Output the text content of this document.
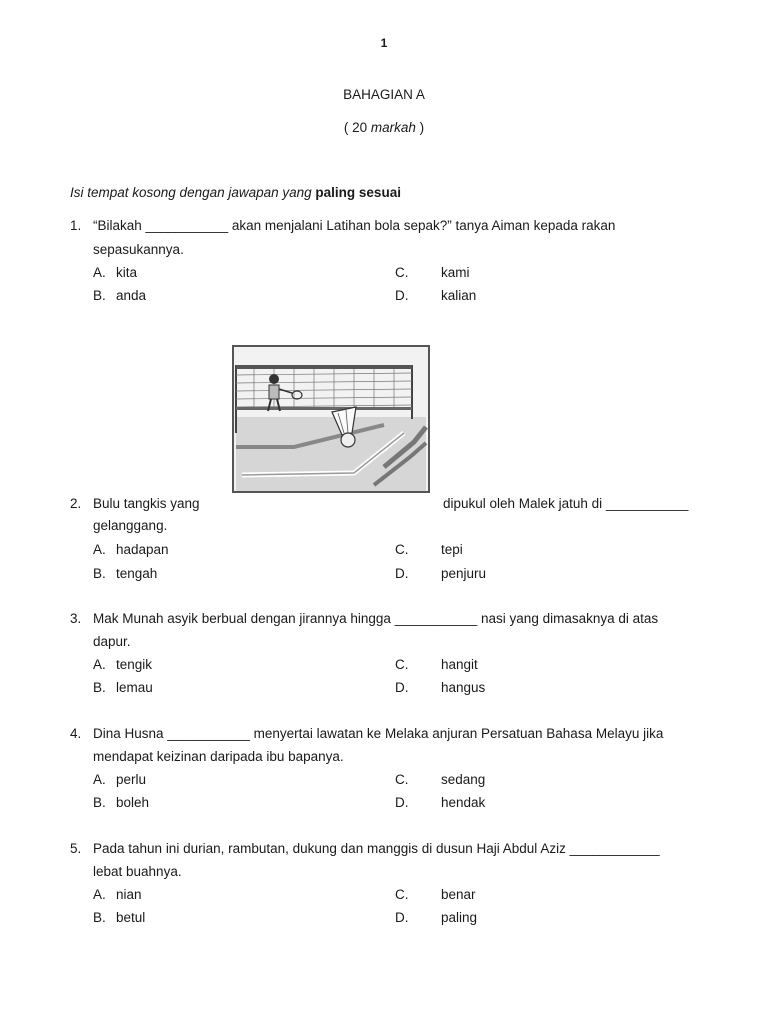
1
BAHAGIAN A
( 20 markah )
Isi tempat kosong dengan jawapan yang paling sesuai
1. “Bilakah ___________ akan menjalani Latihan bola sepak?” tanya Aiman kepada rakan
sepasukannya.
A. kita
B. anda
C. kami
D. kalian
2. Bulu tangkis yang
gelanggang.
A. hadapan
B. tengah
C. tepi
D. penjuru
dipukul oleh Malek jatuh di ___________
3. Mak Munah asyik berbual dengan jirannya hingga ___________ nasi yang dimasaknya di atas
dapur.
A. tengik
B. lemau
C. hangit
D. hangus
4. Dina Husna ___________ menyertai lawatan ke Melaka anjuran Persatuan Bahasa Melayu jika
mendapat keizinan daripada ibu bapanya.
A. perlu
B. boleh
C. sedang
D. hendak
5. Pada tahun ini durian, rambutan, dukung dan manggis di dusun Haji Abdul Aziz ____________
lebat buahnya.
A. nian
B. betul
C. benar
D. paling
